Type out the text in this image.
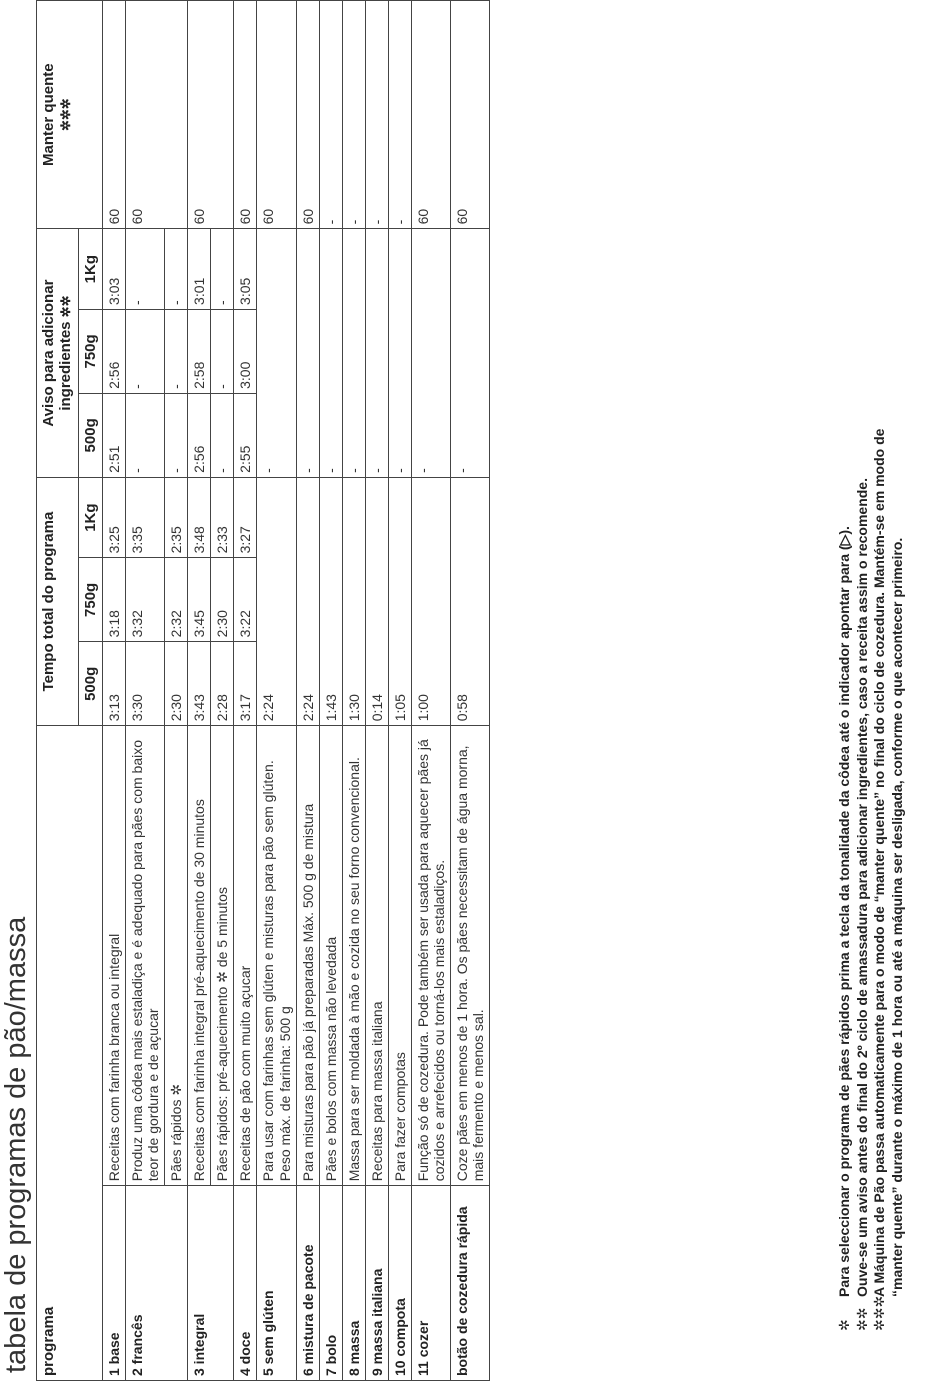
tabela de programas de pão/massa programa		Tempo total do programa			Aviso para adicionar
ingredientes ✲✲			Manter quente
✲✲✲
		500g	750g	1Kg	500g	750g	1Kg	
1 base	Receitas com farinha branca ou integral	3:13	3:18	3:25	2:51	2:56	3:03	60
2 francês	Produz uma côdea mais estaladiça e é adequado para pães com baixo teor de gordura e de açucar	3:30	3:32	3:35	-	-	-	60
	Pães rápidos ✲	2:30	2:32	2:35	-	-	-	
3 integral	Receitas com farinha integral pré-aquecimento de 30 minutos	3:43	3:45	3:48	2:56	2:58	3:01	60
	Pães rápidos: pré-aquecimento ✲ de 5 minutos	2:28	2:30	2:33	-	-	-	
4 doce	Receitas de pão com muito açucar	3:17	3:22	3:27	2:55	3:00	3:05	60
5 sem glúten	Para usar com farinhas sem glúten e misturas para pão sem glúten. Peso máx. de farinha: 500 g	2:24			-			60
6 mistura de pacote	Para misturas para pão já preparadas Máx. 500 g de mistura	2:24			-			60
7 bolo	Pães e bolos com massa não levedada	1:43			-			-
8 massa	Massa para ser moldada à mão e cozida no seu forno convencional.	1:30			-			-
9 massa italiana	Receitas para massa italiana	0:14			-			-
10 compota	Para fazer compotas	1:05			-			-
11 cozer	Função só de cozedura. Pode também ser usada para aquecer pães já cozidos e arrefecidos ou torná-los mais estaladiços.	1:00			-			60
botão de cozedura rápida	Coze pães em menos de 1 hora. Os pães necessitam de água morna, mais fermento e menos sal.	0:58			-			60
✲Para seleccionar o programa de pães rápidos prima a tecla da tonalidade da côdea até o indicador apontar para (▷).
✲✲Ouve-se um aviso antes do final do 2º ciclo de amassadura para adicionar ingredientes, caso a receita assim o recomende.
✲✲✲A Máquina de Pão passa automaticamente para o modo de “manter quente” no final do ciclo de cozedura. Mantém-se em modo de “manter quente” durante o máximo de 1 hora ou até a máquina ser desligada, conforme o que acontecer primeiro.
